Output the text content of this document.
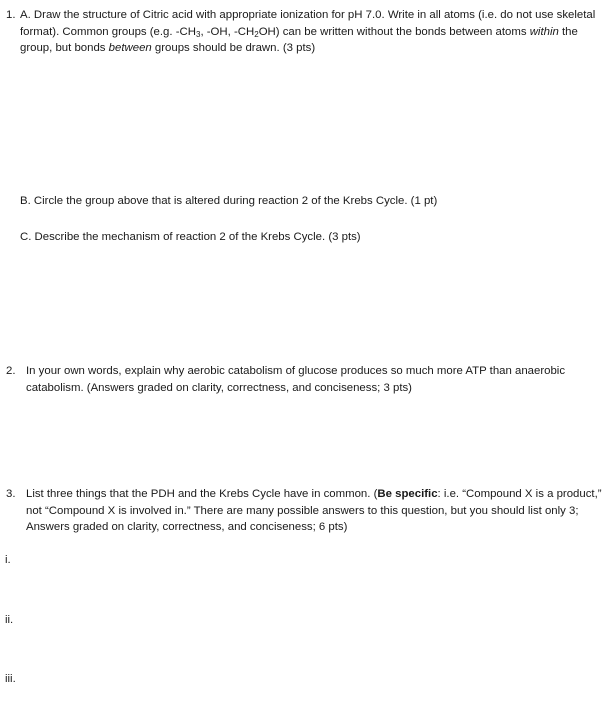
1. A. Draw the structure of Citric acid with appropriate ionization for pH 7.0. Write in all atoms (i.e. do not use skeletal format). Common groups (e.g. $-CH_3$, -OH, $-CH_2OH$) can be written without the bonds between atoms within the group, but bonds between groups should be drawn. (3 pts)
B. Circle the group above that is altered during reaction 2 of the Krebs Cycle. (1 pt)
C. Describe the mechanism of reaction 2 of the Krebs Cycle. (3 pts)
2. In your own words, explain why aerobic catabolism of glucose produces so much more ATP than anaerobic catabolism. (Answers graded on clarity, correctness, and conciseness; 3 pts)
3. List three things that the PDH and the Krebs Cycle have in common. (Be specific: i.e. “Compound X is a product,” not “Compound X is involved in.” There are many possible answers to this question, but you should list only 3; Answers graded on clarity, correctness, and conciseness; 6 pts)
i.
ii.
iii.
